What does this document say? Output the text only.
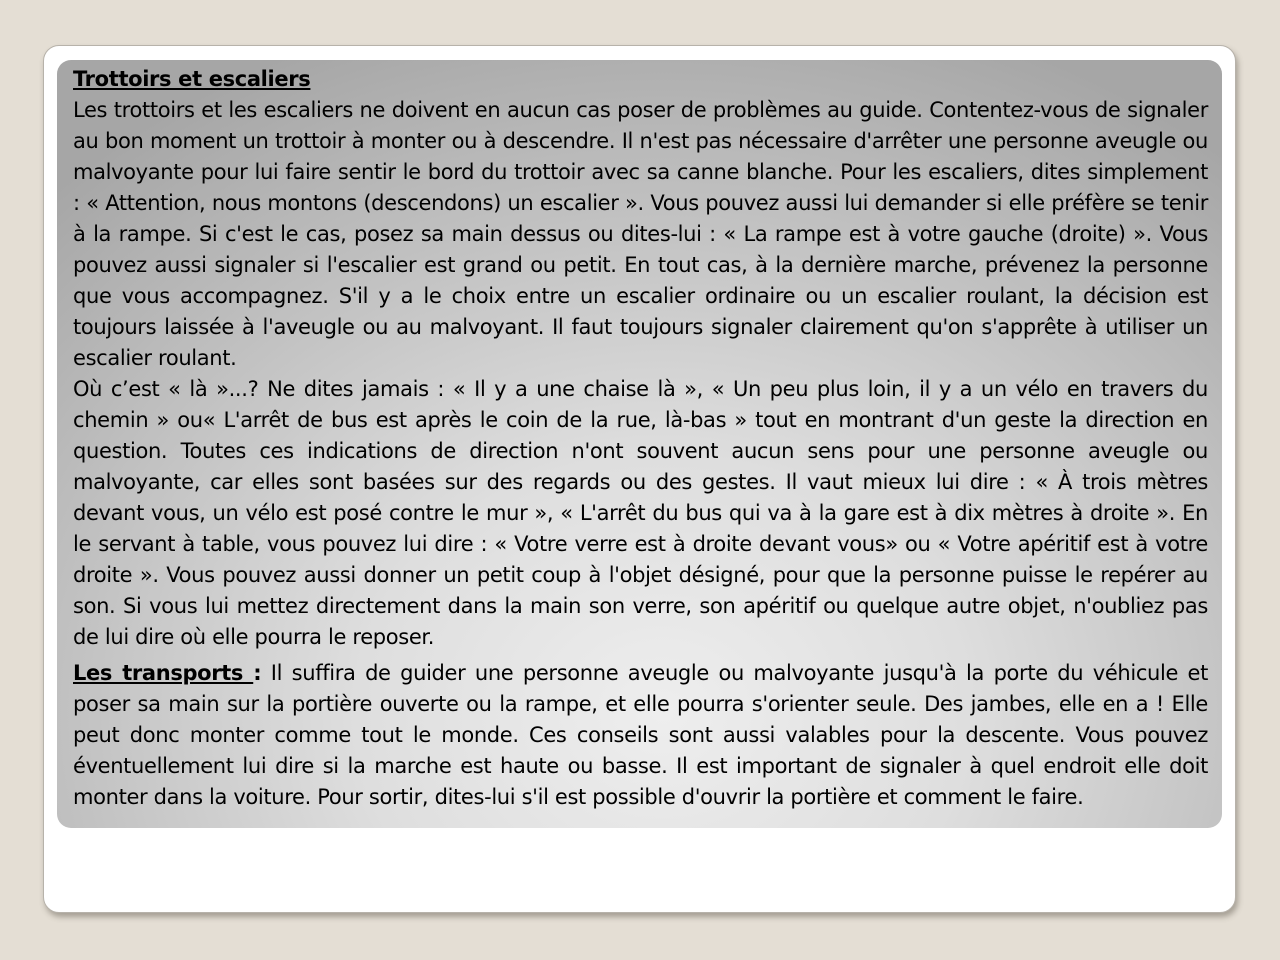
Trottoirs et escaliers
Les trottoirs et les escaliers ne doivent en aucun cas poser de problèmes au guide. Contentez-vous de signaler au bon moment un trottoir à monter ou à descendre. Il n'est pas nécessaire d'arrêter une personne aveugle ou malvoyante pour lui faire sentir le bord du trottoir avec sa canne blanche. Pour les escaliers, dites simplement : « Attention, nous montons (descendons) un escalier ». Vous pouvez aussi lui demander si elle préfère se tenir à la rampe. Si c'est le cas, posez sa main dessus ou dites-lui : « La rampe est à votre gauche (droite) ». Vous pouvez aussi signaler si l'escalier est grand ou petit. En tout cas, à la dernière marche, prévenez la personne que vous accompagnez. S'il y a le choix entre un escalier ordinaire ou un escalier roulant, la décision est toujours laissée à l'aveugle ou au malvoyant. Il faut toujours signaler clairement qu'on s'apprête à utiliser un escalier roulant.

Où c’est « là »...? Ne dites jamais : « Il y a une chaise là », « Un peu plus loin, il y a un vélo en travers du chemin » ou« L'arrêt de bus est après le coin de la rue, là-bas » tout en montrant d'un geste la direction en question. Toutes ces indications de direction n'ont souvent aucun sens pour une personne aveugle ou malvoyante, car elles sont basées sur des regards ou des gestes. Il vaut mieux lui dire : « À trois mètres devant vous, un vélo est posé contre le mur », « L'arrêt du bus qui va à la gare est à dix mètres à droite ». En le servant à table, vous pouvez lui dire : « Votre verre est à droite devant vous» ou « Votre apéritif est à votre droite ». Vous pouvez aussi donner un petit coup à l'objet désigné, pour que la personne puisse le repérer au son. Si vous lui mettez directement dans la main son verre, son apéritif ou quelque autre objet, n'oubliez pas de lui dire où elle pourra le reposer.

Les transports : Il suffira de guider une personne aveugle ou malvoyante jusqu'à la porte du véhicule et poser sa main sur la portière ouverte ou la rampe, et elle pourra s'orienter seule. Des jambes, elle en a ! Elle peut donc monter comme tout le monde. Ces conseils sont aussi valables pour la descente. Vous pouvez éventuellement lui dire si la marche est haute ou basse. Il est important de signaler à quel endroit elle doit monter dans la voiture. Pour sortir, dites-lui s'il est possible d'ouvrir la portière et comment le faire.
